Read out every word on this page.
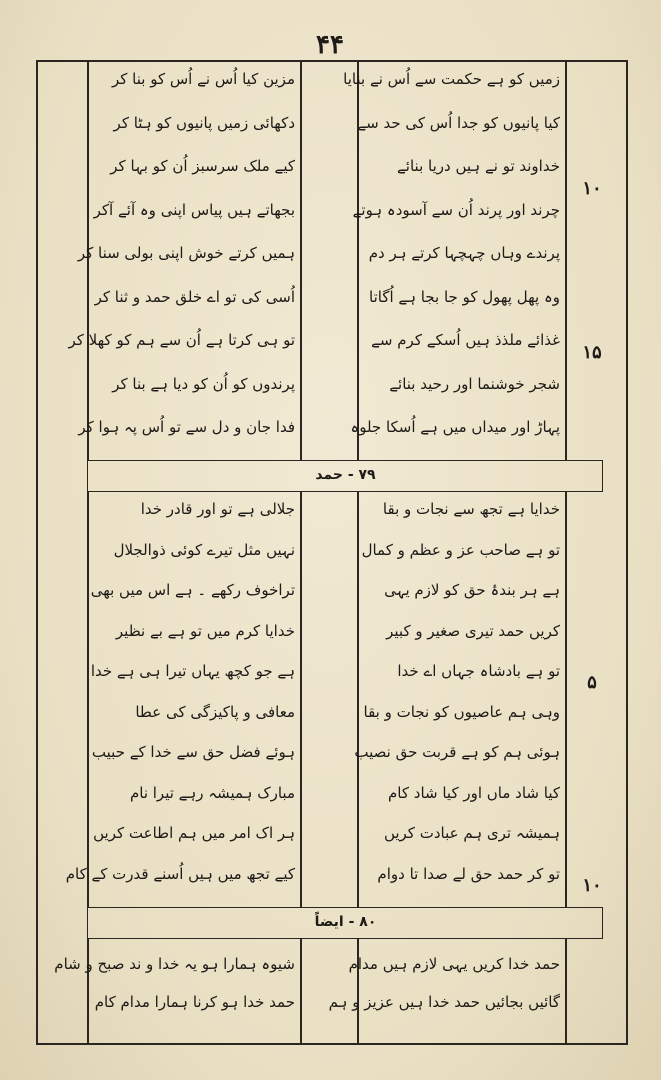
۴۴
مزین کیا اُس نے اُس کو بنا کر
دکھائی زمیں پانیوں کو ہٹا کر
کیے ملک سرسبز اُن کو بہا کر
بجھاتے ہیں پیاس اپنی وہ آئے آکر
ہمیں کرتے خوش اپنی بولی سنا کر
اُسی کی تو اے خلق حمد و ثنا کر
تو ہی کرتا ہے اُن سے ہم کو کھلا کر
پرندوں کو اُن کو دیا ہے بنا کر
فدا جان و دل سے تو اُس پہ ہوا کر
زمیں کو ہے حکمت سے اُس نے بنایا
کیا پانیوں کو جدا اُس کی حد سے
خداوند تو نے ہیں دریا بنائے
چرند اور پرند اُن سے آسودہ ہوتے
پرندے وہاں چہچہا کرتے ہر دم
وہ پھل پھول کو جا بجا ہے اُگاتا
غذائے ملذذ ہیں اُسکے کرم سے
شجر خوشنما اور رحید بنائے
پہاڑ اور میداں میں ہے اُسکا جلوہ
۱۰
۱۵
۷۹ - حمد
جلالی ہے تو اور قادر خدا
نہیں مثل تیرے کوئی ذوالجلال
تراخوف رکھے ۔ ہے اس میں بھی
خدایا کرم میں تو ہے بے نظیر
ہے جو کچھ یہاں تیرا ہی ہے خدا
معافی و پاکیزگی کی عطا
ہوئے فضل حق سے خدا کے حبیب
مبارک ہمیشہ رہے تیرا نام
ہر اک امر میں ہم اطاعت کریں
کیے تجھ میں ہیں اُسنے قدرت کے کام
خدایا ہے تجھ سے نجات و بقا
تو ہے صاحب عز و عظم و کمال
ہے ہر بندۂ حق کو لازم یہی
کریں حمد تیری صغیر و کبیر
تو ہے بادشاہ جہاں اے خدا
وہی ہم عاصیوں کو نجات و بقا
ہوئی ہم کو ہے قربت حق نصیب
کیا شاد ماں اور کیا شاد کام
ہمیشہ تری ہم عبادت کریں
تو کر حمد حق لے صدا تا دوام
۵
۱۰
۸۰ - ایضاً
شیوہ ہمارا ہو یہ خدا و ند صبح و شام
حمد خدا ہو کرنا ہمارا مدام کام
حمد خدا کریں یہی لازم ہیں مدام
گائیں بجائیں حمد خدا ہیں عزیز و ہم
